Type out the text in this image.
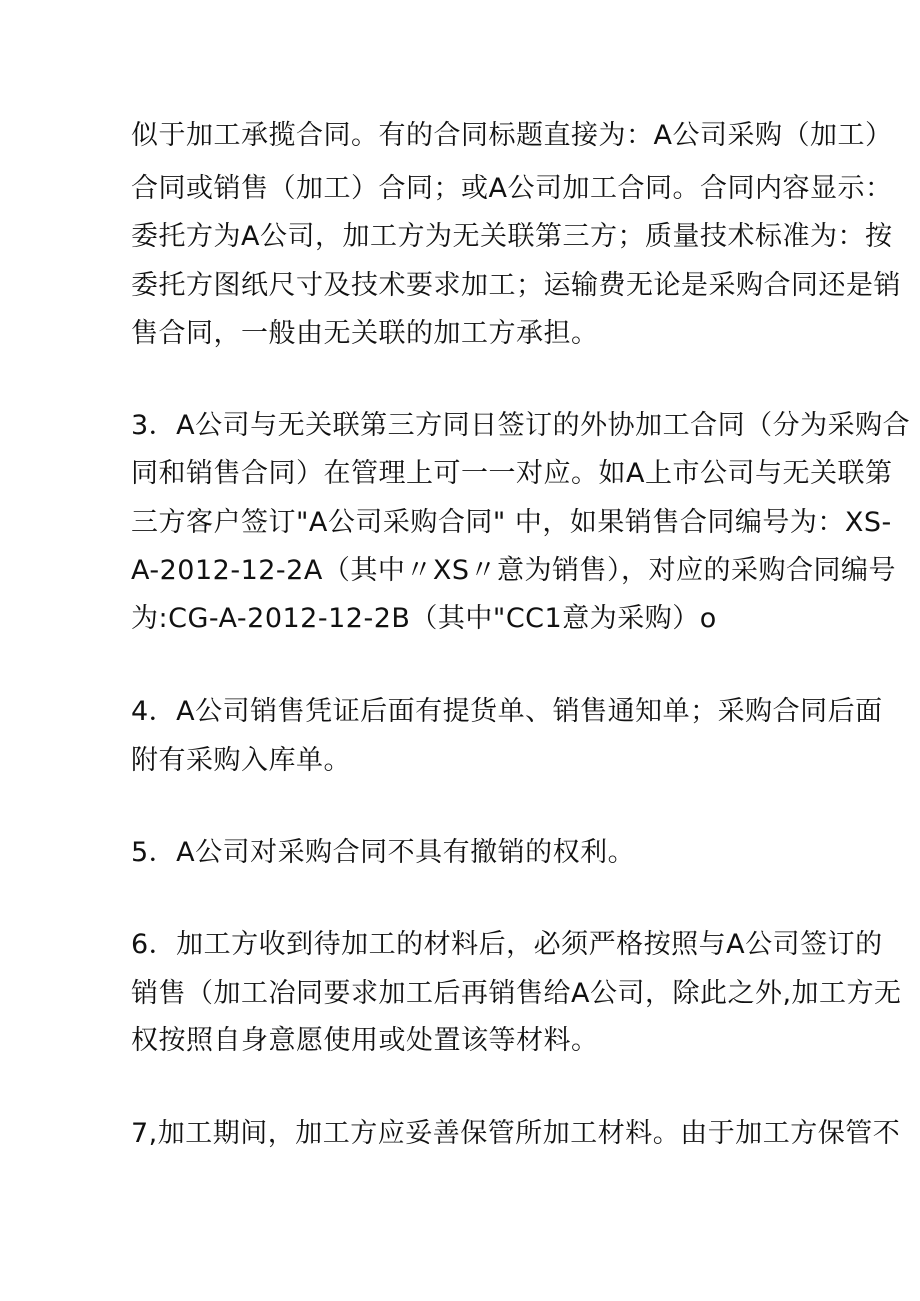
似于加工承揽合同。有的合同标题直接为：A公司采购（加工）
合同或销售（加工）合同；或A公司加工合同。合同内容显示：
委托方为A公司，加工方为无关联第三方；质量技术标准为：按
委托方图纸尺寸及技术要求加工；运输费无论是采购合同还是销
售合同，一般由无关联的加工方承担。
3．A公司与无关联第三方同日签订的外协加工合同（分为采购合
同和销售合同）在管理上可一一对应。如A上市公司与无关联第
三方客户签订"A公司采购合同" 中，如果销售合同编号为：XS-
A-2012-12-2A（其中〃XS〃意为销售），对应的采购合同编号
为:CG-A-2012-12-2B（其中"CC1意为采购）o
4．A公司销售凭证后面有提货单、销售通知单；采购合同后面
附有采购入库单。
5．A公司对采购合同不具有撤销的权利。
6．加工方收到待加工的材料后，必须严格按照与A公司签订的
销售（加工冶同要求加工后再销售给A公司，除此之外,加工方无
权按照自身意愿使用或处置该等材料。
7,加工期间，加工方应妥善保管所加工材料。由于加工方保管不
